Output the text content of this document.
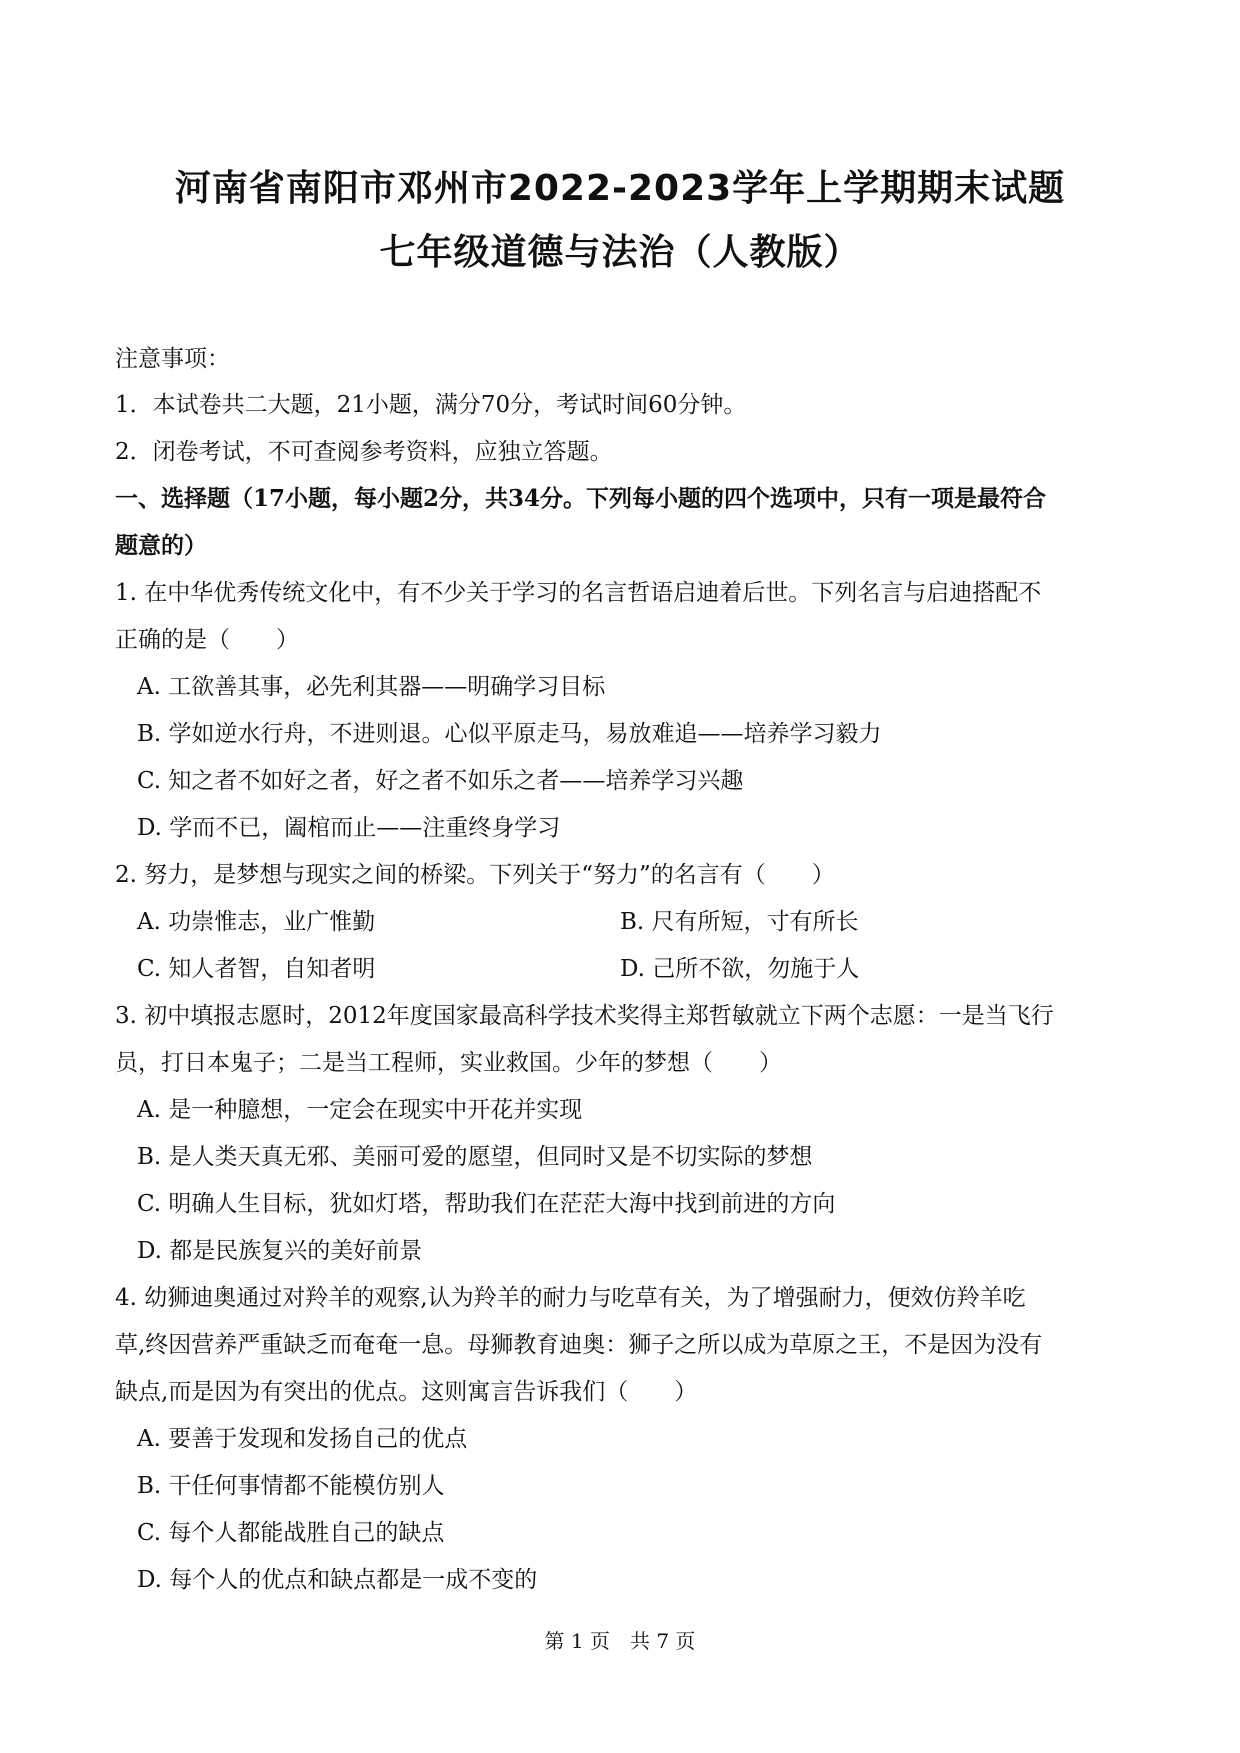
河南省南阳市邓州市2022-2023学年上学期期末试题
七年级道德与法治（人教版）
注意事项：
1．本试卷共二大题，21小题，满分70分，考试时间60分钟。
2．闭卷考试，不可查阅参考资料，应独立答题。
一、选择题（17小题，每小题2分，共34分。下列每小题的四个选项中，只有一项是最符合
题意的）
1. 在中华优秀传统文化中，有不少关于学习的名言哲语启迪着后世。下列名言与启迪搭配不
正确的是（　　）
A. 工欲善其事，必先利其器——明确学习目标
B. 学如逆水行舟，不进则退。心似平原走马，易放难追——培养学习毅力
C. 知之者不如好之者，好之者不如乐之者——培养学习兴趣
D. 学而不已，阖棺而止——注重终身学习
2. 努力，是梦想与现实之间的桥梁。下列关于“努力”的名言有（　　）
A. 功崇惟志，业广惟勤	B. 尺有所短，寸有所长
C. 知人者智，自知者明	D. 己所不欲，勿施于人
3. 初中填报志愿时，2012年度国家最高科学技术奖得主郑哲敏就立下两个志愿：一是当飞行
员，打日本鬼子；二是当工程师，实业救国。少年的梦想（　　）
A. 是一种臆想，一定会在现实中开花并实现
B. 是人类天真无邪、美丽可爱的愿望，但同时又是不切实际的梦想
C. 明确人生目标，犹如灯塔，帮助我们在茫茫大海中找到前进的方向
D. 都是民族复兴的美好前景
4. 幼狮迪奥通过对羚羊的观察,认为羚羊的耐力与吃草有关，为了增强耐力，便效仿羚羊吃
草,终因营养严重缺乏而奄奄一息。母狮教育迪奥：狮子之所以成为草原之王，不是因为没有
缺点,而是因为有突出的优点。这则寓言告诉我们（　　）
A. 要善于发现和发扬自己的优点
B. 干任何事情都不能模仿别人
C. 每个人都能战胜自己的缺点
D. 每个人的优点和缺点都是一成不变的
第 1 页　共 7 页
